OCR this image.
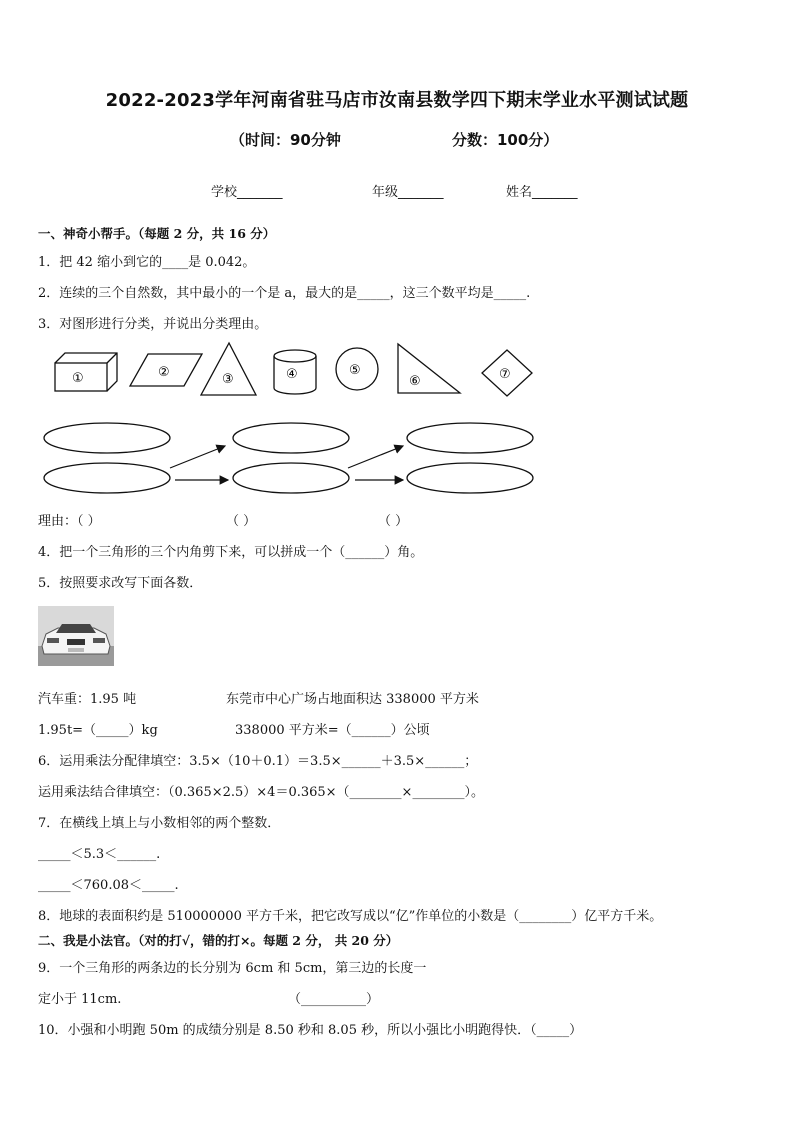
2022-2023学年河南省驻马店市汝南县数学四下期末学业水平测试试题
（时间：90分钟	分数：100分）
学校_______	年级_______	姓名_______
一、神奇小帮手。（每题 2 分，共 16 分）
1．把 42 缩小到它的____是 0.042。
2．连续的三个自然数，其中最小的一个是 a，最大的是_____，这三个数平均是_____.
3．对图形进行分类，并说出分类理由。
①	②	③	④	⑤
⑥	⑦
理由：（ ）	（ ）	（ ）
4．把一个三角形的三个内角剪下来，可以拼成一个（______）角。
5．按照要求改写下面各数．
汽车重：1.95 吨	东莞市中心广场占地面积达 338000 平方米
1.95t=（_____）kg	338000 平方米=（______）公顷
6．运用乘法分配律填空：3.5×（10＋0.1）＝3.5×______＋3.5×______；
运用乘法结合律填空：（0.365×2.5）×4＝0.365×（________×________）。
7．在横线上填上与小数相邻的两个整数．
_____＜5.3＜______.
_____＜760.08＜_____.
8．地球的表面积约是 510000000 平方千米，把它改写成以“亿”作单位的小数是（________）亿平方千米。
二、我是小法官。（对的打√，错的打×。每题 2 分， 共 20 分）
9．一个三角形的两条边的长分别为 6cm 和 5cm，第三边的长度一
定小于 11cm.	（__________）
10．小强和小明跑 50m 的成绩分别是 8.50 秒和 8.05 秒，所以小强比小明跑得快．（_____）
